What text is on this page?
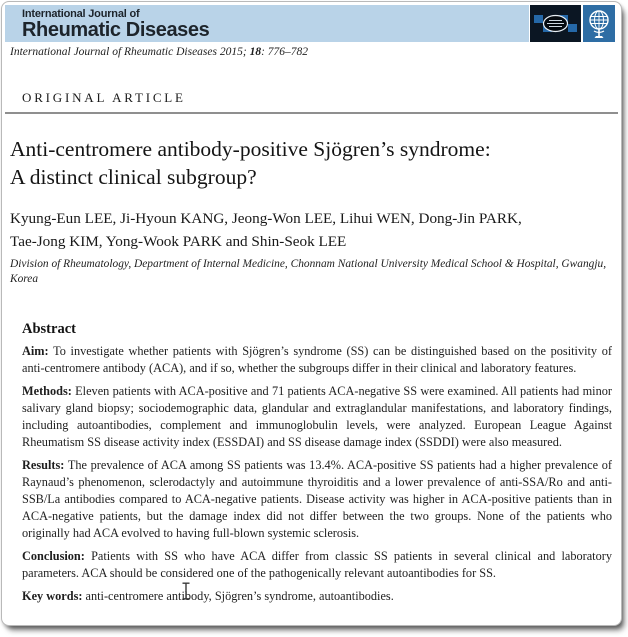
International Journal of
Rheumatic Diseases
International Journal of Rheumatic Diseases 2015; 18: 776–782
ORIGINAL ARTICLE
Anti-centromere antibody-positive Sjögren’s syndrome:
A distinct clinical subgroup?
Kyung-Eun LEE, Ji-Hyoun KANG, Jeong-Won LEE, Lihui WEN, Dong-Jin PARK,
Tae-Jong KIM, Yong-Wook PARK and Shin-Seok LEE
Division of Rheumatology, Department of Internal Medicine, Chonnam National University Medical School & Hospital, Gwangju, Korea
Abstract

Aim: To investigate whether patients with Sjögren’s syndrome (SS) can be distinguished based on the positivity of anti-centromere antibody (ACA), and if so, whether the subgroups differ in their clinical and laboratory features.

Methods: Eleven patients with ACA-positive and 71 patients ACA-negative SS were examined. All patients had minor salivary gland biopsy; sociodemographic data, glandular and extraglandular manifestations, and laboratory findings, including autoantibodies, complement and immunoglobulin levels, were analyzed. European League Against Rheumatism SS disease activity index (ESSDAI) and SS disease damage index (SSDDI) were also measured.

Results: The prevalence of ACA among SS patients was 13.4%. ACA-positive SS patients had a higher prevalence of Raynaud’s phenomenon, sclerodactyly and autoimmune thyroiditis and a lower prevalence of anti-SSA/Ro and anti-SSB/La antibodies compared to ACA-negative patients. Disease activity was higher in ACA-positive patients than in ACA-negative patients, but the damage index did not differ between the two groups. None of the patients who originally had ACA evolved to having full-blown systemic sclerosis.

Conclusion: Patients with SS who have ACA differ from classic SS patients in several clinical and laboratory parameters. ACA should be considered one of the pathogenically relevant autoantibodies for SS.

Key words: anti-centromere antibody, Sjögren’s syndrome, autoantibodies.
